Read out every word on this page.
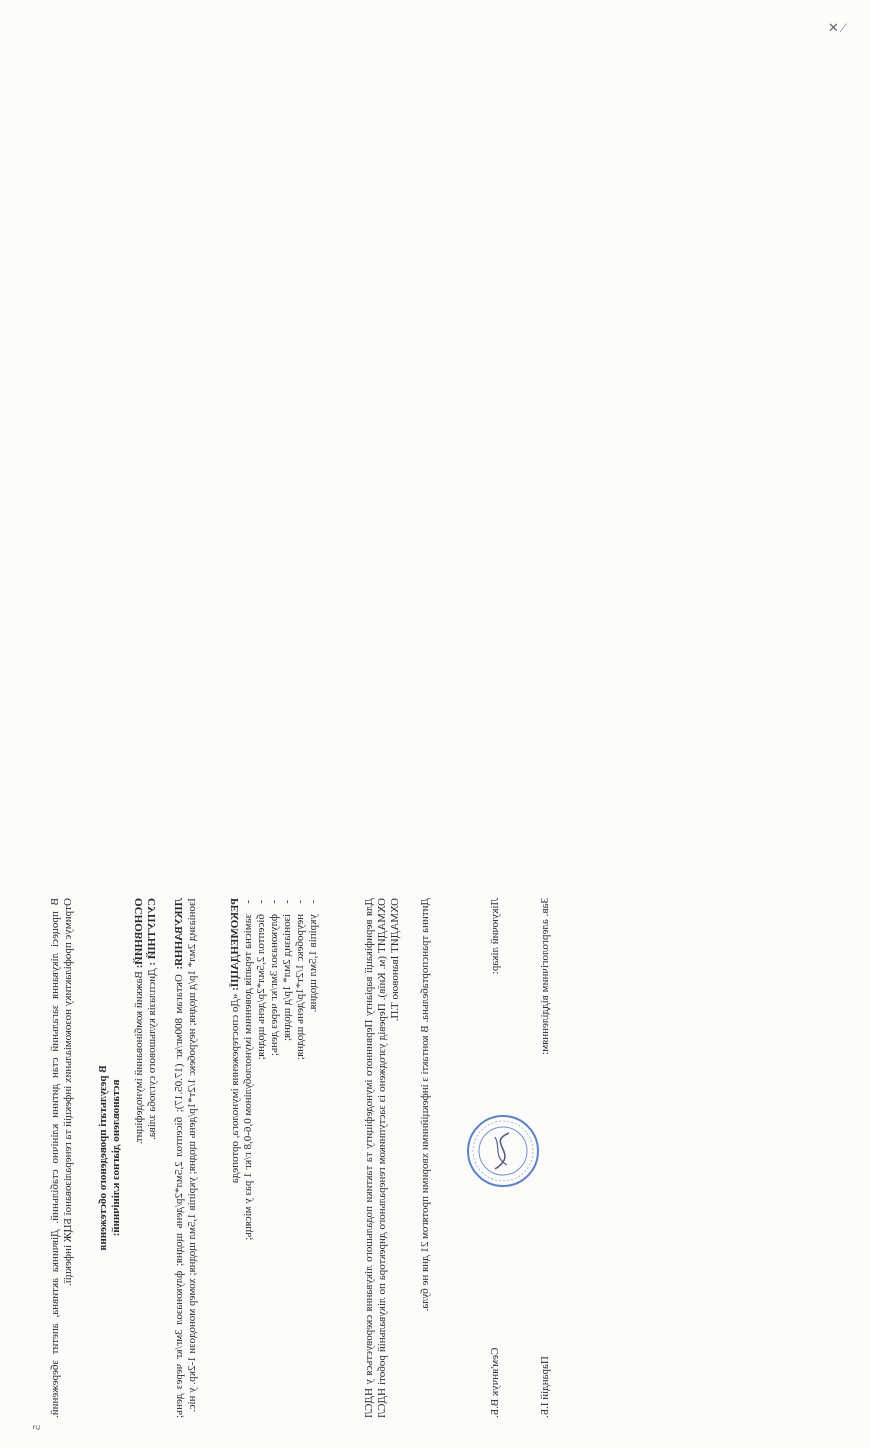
✕ ⁄
5

В процесі лікування загальний стан дитини клінічно стабільний. Дівчинка активна, апетит збережений. Отримує профілактику нозокоміальних інфекцій та генералізованої БЦЖ інфекції. В результаті проведеного обстеження встановлено діагноз клінічний:

ОСНОВНИЙ: Важкий комбінований імунодефіцит.

СУПУТНІЙ : Дисплазія кульшового суглоба зліва.

ЛІКУВАННЯ: Октагам 800мг/кг (17.05.17); бісептол 2,5мл*2р/день щодня; флуконазол 3мг/кг через день; Ізоніазид 2мл* 1р/д щодня; неуробекс 1/2т*1р/день щодня; укріпів 1,5мл щодня; хомер монодози 1-2кр. у ніс.	РЕКОМЕНДАЦІЇ: «До спостереження імунолога, ортопеда - замісна терапія довенним імуноглобуліном 0,6-0,8 г/кг 1 раз у місяць; - бісептол 2,5мл*2р/день щодня; - флуконазол 3мг/кг через день; - ізоніазид 2мл* 1р/д щодня; - неуробекс 1/2т*1р/день щодня; - укріпів 1,5мл щодня.	Для верифікації варіанту Первинного імунодефіциту та тактики подальшого лікування скеровується у НДСЛ ОХМАДИТ (м. Київ). Перевід узгоджено із заступником генерального директора по лікувальній роботі НДСЛ ОХМАДИТ Івановою Т.П. Дитина транспортабельна. В контакті з інфекційними хворими протягом 21 дня не була.	Лікуючий лікар:
Сем'янчук В.Б.
Зав. алергологічним відділенням:
Парандій І.Б.
